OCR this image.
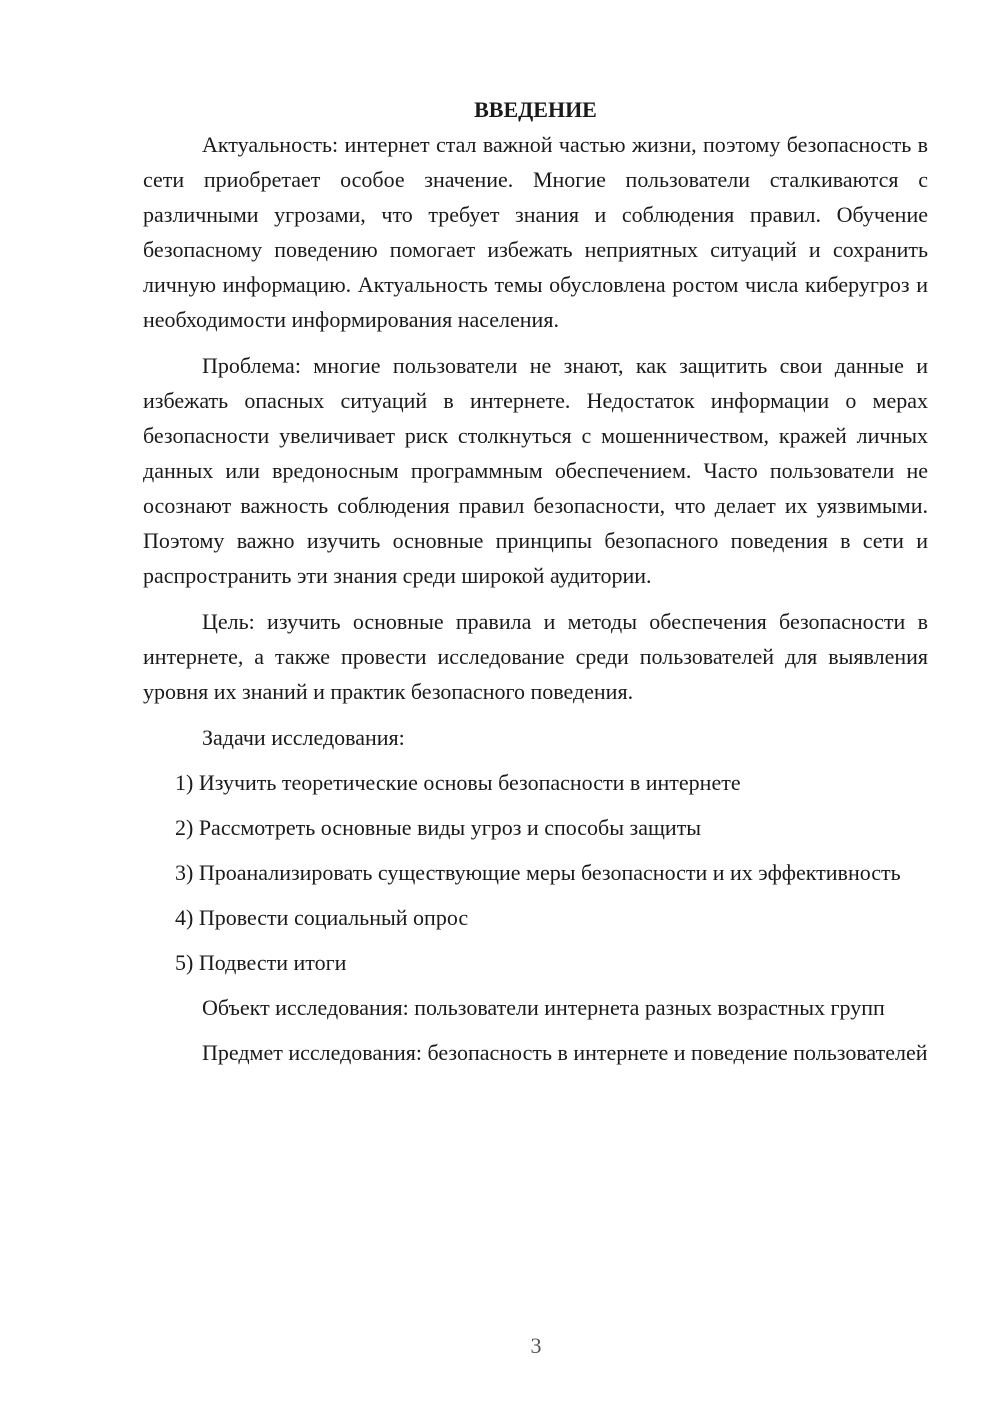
ВВЕДЕНИЕ

Актуальность: интернет стал важной частью жизни, поэтому безопасность в сети приобретает особое значение. Многие пользователи сталкиваются с различными угрозами, что требует знания и соблюдения правил. Обучение безопасному поведению помогает избежать неприятных ситуаций и сохранить личную информацию. Актуальность темы обусловлена ростом числа киберугроз и необходимости информирования населения.

Проблема: многие пользователи не знают, как защитить свои данные и избежать опасных ситуаций в интернете. Недостаток информации о мерах безопасности увеличивает риск столкнуться с мошенничеством, кражей личных данных или вредоносным программным обеспечением. Часто пользователи не осознают важность соблюдения правил безопасности, что делает их уязвимыми. Поэтому важно изучить основные принципы безопасного поведения в сети и распространить эти знания среди широкой аудитории.

Цель: изучить основные правила и методы обеспечения безопасности в интернете, а также провести исследование среди пользователей для выявления уровня их знаний и практик безопасного поведения.

Задачи исследования:

1) Изучить теоретические основы безопасности в интернете

2) Рассмотреть основные виды угроз и способы защиты

3) Проанализировать существующие меры безопасности и их эффективность

4) Провести социальный опрос

5) Подвести итоги

Объект исследования: пользователи интернета разных возрастных групп

Предмет исследования: безопасность в интернете и поведение пользователей

3
